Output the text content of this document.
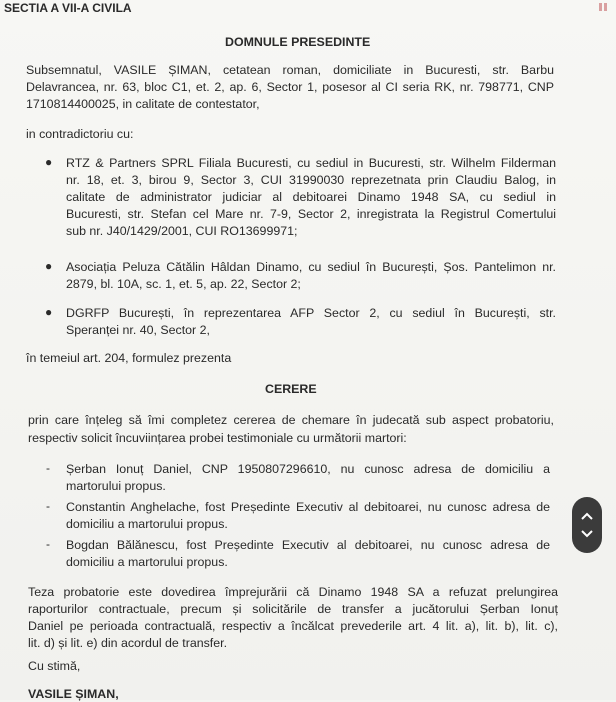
SECTIA A VII-A CIVILA
DOMNULE PRESEDINTE
Subsemnatul, VASILE ȘIMAN, cetatean roman, domiciliate in Bucuresti, str. Barbu
Delavrancea, nr. 63, bloc C1, et. 2, ap. 6, Sector 1, posesor al CI seria RK, nr. 798771, CNP
1710814400025, in calitate de contestator,
in contradictoriu cu:
● RTZ & Partners SPRL Filiala Bucuresti, cu sediul in Bucuresti, str. Wilhelm Filderman
nr. 18, et. 3, birou 9, Sector 3, CUI 31990030 reprezetnata prin Claudiu Balog, in
calitate de administrator judiciar al debitoarei Dinamo 1948 SA, cu sediul in
Bucuresti, str. Stefan cel Mare nr. 7-9, Sector 2, inregistrata la Registrul Comertului
sub nr. J40/1429/2001, CUI RO13699971;
● Asociația Peluza Cătălin Hâldan Dinamo, cu sediul în București, Șos. Pantelimon nr.
2879, bl. 10A, sc. 1, et. 5, ap. 22, Sector 2;
● DGRFP București, în reprezentarea AFP Sector 2, cu sediul în București, str.
Speranței nr. 40, Sector 2,
în temeiul art. 204, formulez prezenta
CERERE
prin care înțeleg să îmi completez cererea de chemare în judecată sub aspect probatoriu,
respectiv solicit încuviințarea probei testimoniale cu următorii martori:
- Șerban Ionuț Daniel, CNP 1950807296610, nu cunosc adresa de domiciliu a
martorului propus.
- Constantin Anghelache, fost Președinte Executiv al debitoarei, nu cunosc adresa de
domiciliu a martorului propus.
- Bogdan Bălănescu, fost Președinte Executiv al debitoarei, nu cunosc adresa de
domiciliu a martorului propus.
Teza probatorie este dovedirea împrejurării că Dinamo 1948 SA a refuzat prelungirea
raporturilor contractuale, precum și solicitările de transfer a jucătorului Șerban Ionuț
Daniel pe perioada contractuală, respectiv a încălcat prevederile art. 4 lit. a), lit. b), lit. c),
lit. d) și lit. e) din acordul de transfer.
Cu stimă,
VASILE ȘIMAN,
